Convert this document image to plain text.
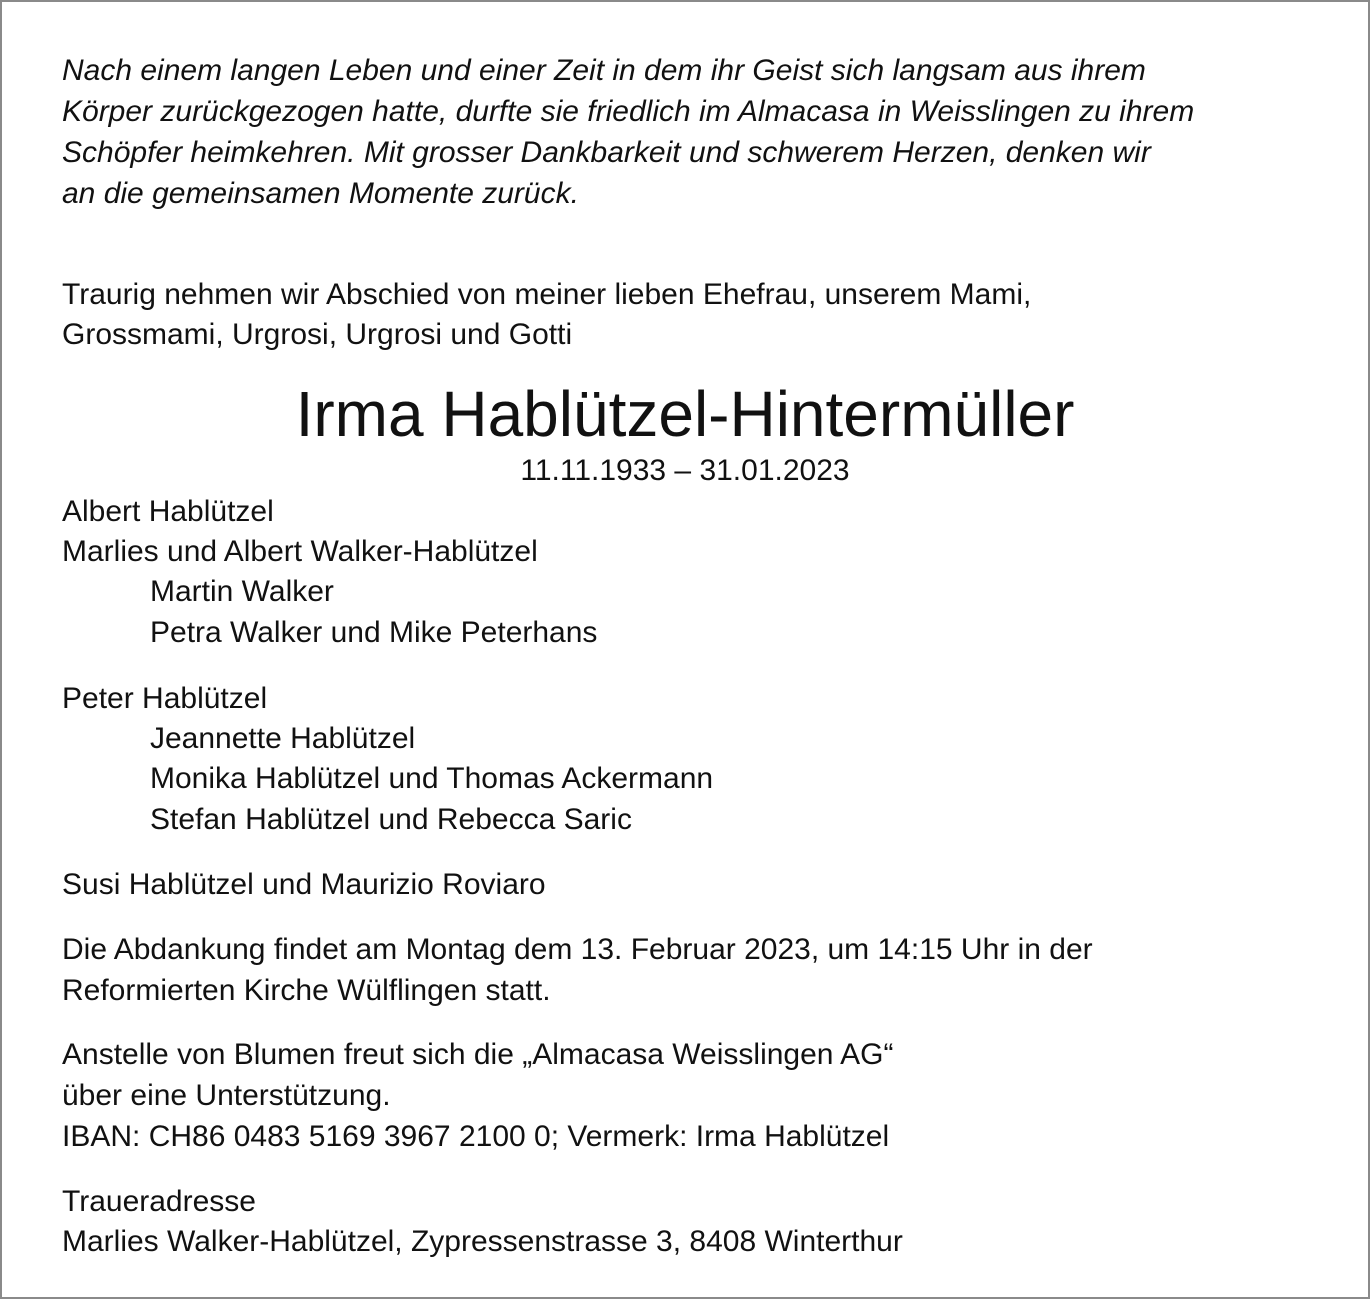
Nach einem langen Leben und einer Zeit in dem ihr Geist sich langsam aus ihrem

Körper zurückgezogen hatte, durfte sie friedlich im Almacasa in Weisslingen zu ihrem

Schöpfer heimkehren. Mit grosser Dankbarkeit und schwerem Herzen, denken wir

an die gemeinsamen Momente zurück.

Traurig nehmen wir Abschied von meiner lieben Ehefrau, unserem Mami,

Grossmami, Urgrosi, Urgrosi und Gotti

Irma Hablützel-Hintermüller

11.11.1933 – 31.01.2023

Albert Hablützel

Marlies und Albert Walker-Hablützel

Martin Walker

Petra Walker und Mike Peterhans

Peter Hablützel

Jeannette Hablützel

Monika Hablützel und Thomas Ackermann

Stefan Hablützel und Rebecca Saric

Susi Hablützel und Maurizio Roviaro

Die Abdankung findet am Montag dem 13. Februar 2023, um 14:15 Uhr in der

Reformierten Kirche Wülflingen statt.

Anstelle von Blumen freut sich die „Almacasa Weisslingen AG“

über eine Unterstützung.

IBAN: CH86 0483 5169 3967 2100 0; Vermerk: Irma Hablützel

Traueradresse

Marlies Walker-Hablützel, Zypressenstrasse 3, 8408 Winterthur
